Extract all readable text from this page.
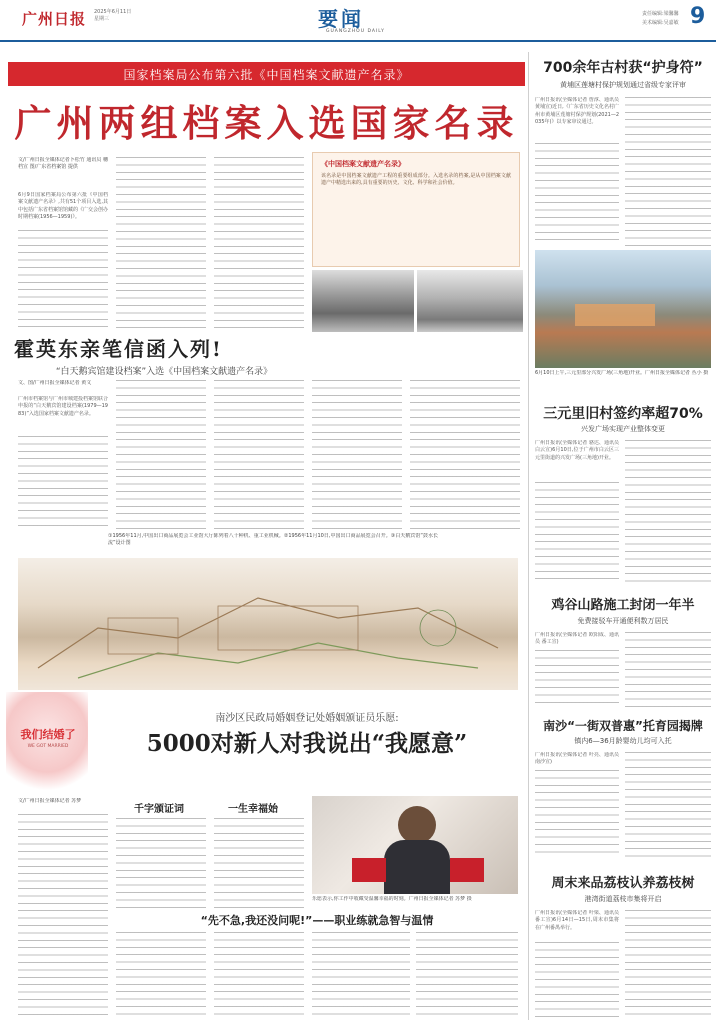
广州日报 2025年6月11日 星期三	要闻
GUANGZHOU DAILY
责任编辑:梁馨馨
美术编辑:吴嘉敏 9
国家档案局公布第六批《中国档案文献遗产名录》
广州两组档案入选国家名录
文/广州日报全媒体记者卜松竹 通讯员 穗档宣 图/广东省档案馆 提供
6月9日国家档案局公布第六批《中国档案文献遗产名录》,共有51个项目入选,其中包括广东省档案馆馆藏的《广交会创办时期档案(1956—1959)》。
《中国档案文献遗产名录》
该名录是中国档案文献遗产工程的重要组成部分。入选名录的档案,是从中国档案文献遗产中精选出来的,具有重要的历史、文化、科学和社会价值。
霍英东亲笔信函入列!
“白天鹅宾馆建设档案”入选《中国档案文献遗产名录》
文、图/广州日报全媒体记者 黄文
广州市档案馆与广州市城建投档案馆联合申报的“白天鹅宾馆建设档案(1979—1983)”入选国家档案文献遗产名录。
①1956年11月,中国出口商品展览会工业馆大厅陈列着八十种机、重工业机械。②1956年11月10日,中国出口商品展览会召开。③白天鹅宾馆“鼓水长流”设计图
我们结婚了
WE GOT MARRIED
南沙区民政局婚姻登记处婚姻颁证员乐愿:
5000对新人对我说出“我愿意”
文/广州日报全媒体记者 苏梦
千字颁证词	一生幸福始
乐愿表示,你工作中收藏受温馨幸福的时刻。广州日报全媒体记者 苏梦 摄
“先不急,我还没问呢!”——职业练就急智与温情
700余年古村获“护身符”
黄埔区莲塘村保护规划通过省级专家评审
广州日报讯(全媒体记者 詹淳、通讯员 黄埔宣)近日,《广东省历史文化名村广州市黄埔区莲塘村保护规划(2021—2035年)》以专家审议通过。
6月10日上午,三元里部分兴发广场(三角地)开业。广州日报全媒体记者 丛小 摄
三元里旧村签约率超70%
兴发广场实现产业整体变更
广州日报讯(全媒体记者 骆达、通讯员 白云宣)6月10日,位于广州市白云区三元里街道的兴发广场(三角地)开业。
鸡谷山路施工封闭一年半
免费接驳车开通便利数万居民
广州日报讯(全媒体记者 欧阳成、通讯员 番工宣)
南沙“一街双普惠”托育园揭牌
镇内6—36月龄婴幼儿均可入托
广州日报讯(全媒体记者 叶亮、通讯员 南沙宣)
周末来品荔枝认养荔枝树
港湾街道荔枝市集将开启
广州日报讯(全媒体记者 叶梁、通讯员 番工宣)6月14日—15日,周末市集将在广州番禺举行。
